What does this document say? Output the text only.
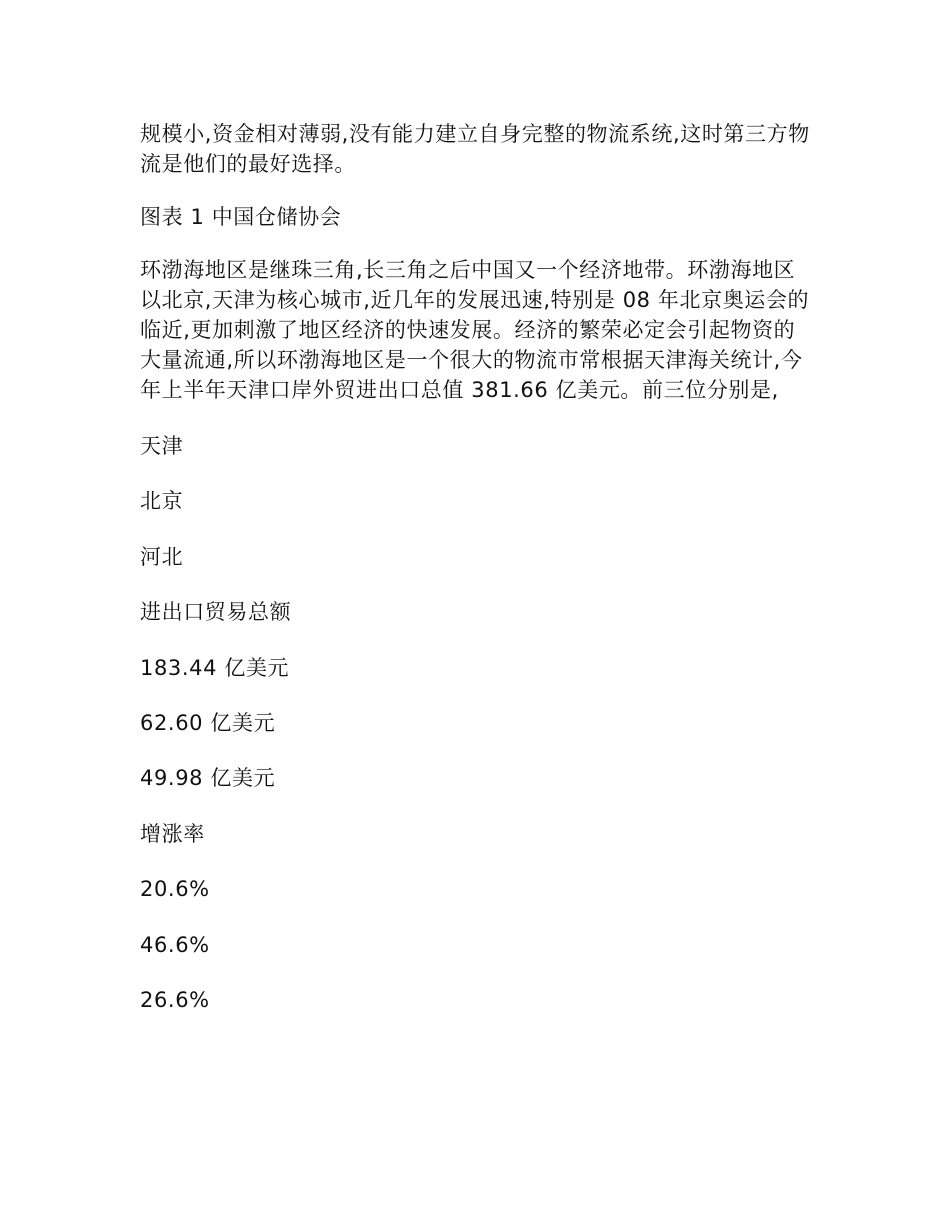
规模小,资金相对薄弱,没有能力建立自身完整的物流系统,这时第三方物流是他们的最好选择。

图表 1 中国仓储协会

环渤海地区是继珠三角,长三角之后中国又一个经济地带。环渤海地区以北京,天津为核心城市,近几年的发展迅速,特别是 08 年北京奥运会的临近,更加刺激了地区经济的快速发展。经济的繁荣必定会引起物资的大量流通,所以环渤海地区是一个很大的物流市常根据天津海关统计,今年上半年天津口岸外贸进出口总值 381.66 亿美元。前三位分别是,

天津

北京

河北

进出口贸易总额

183.44 亿美元

62.60 亿美元

49.98 亿美元

增涨率

20.6%

46.6%

26.6%
